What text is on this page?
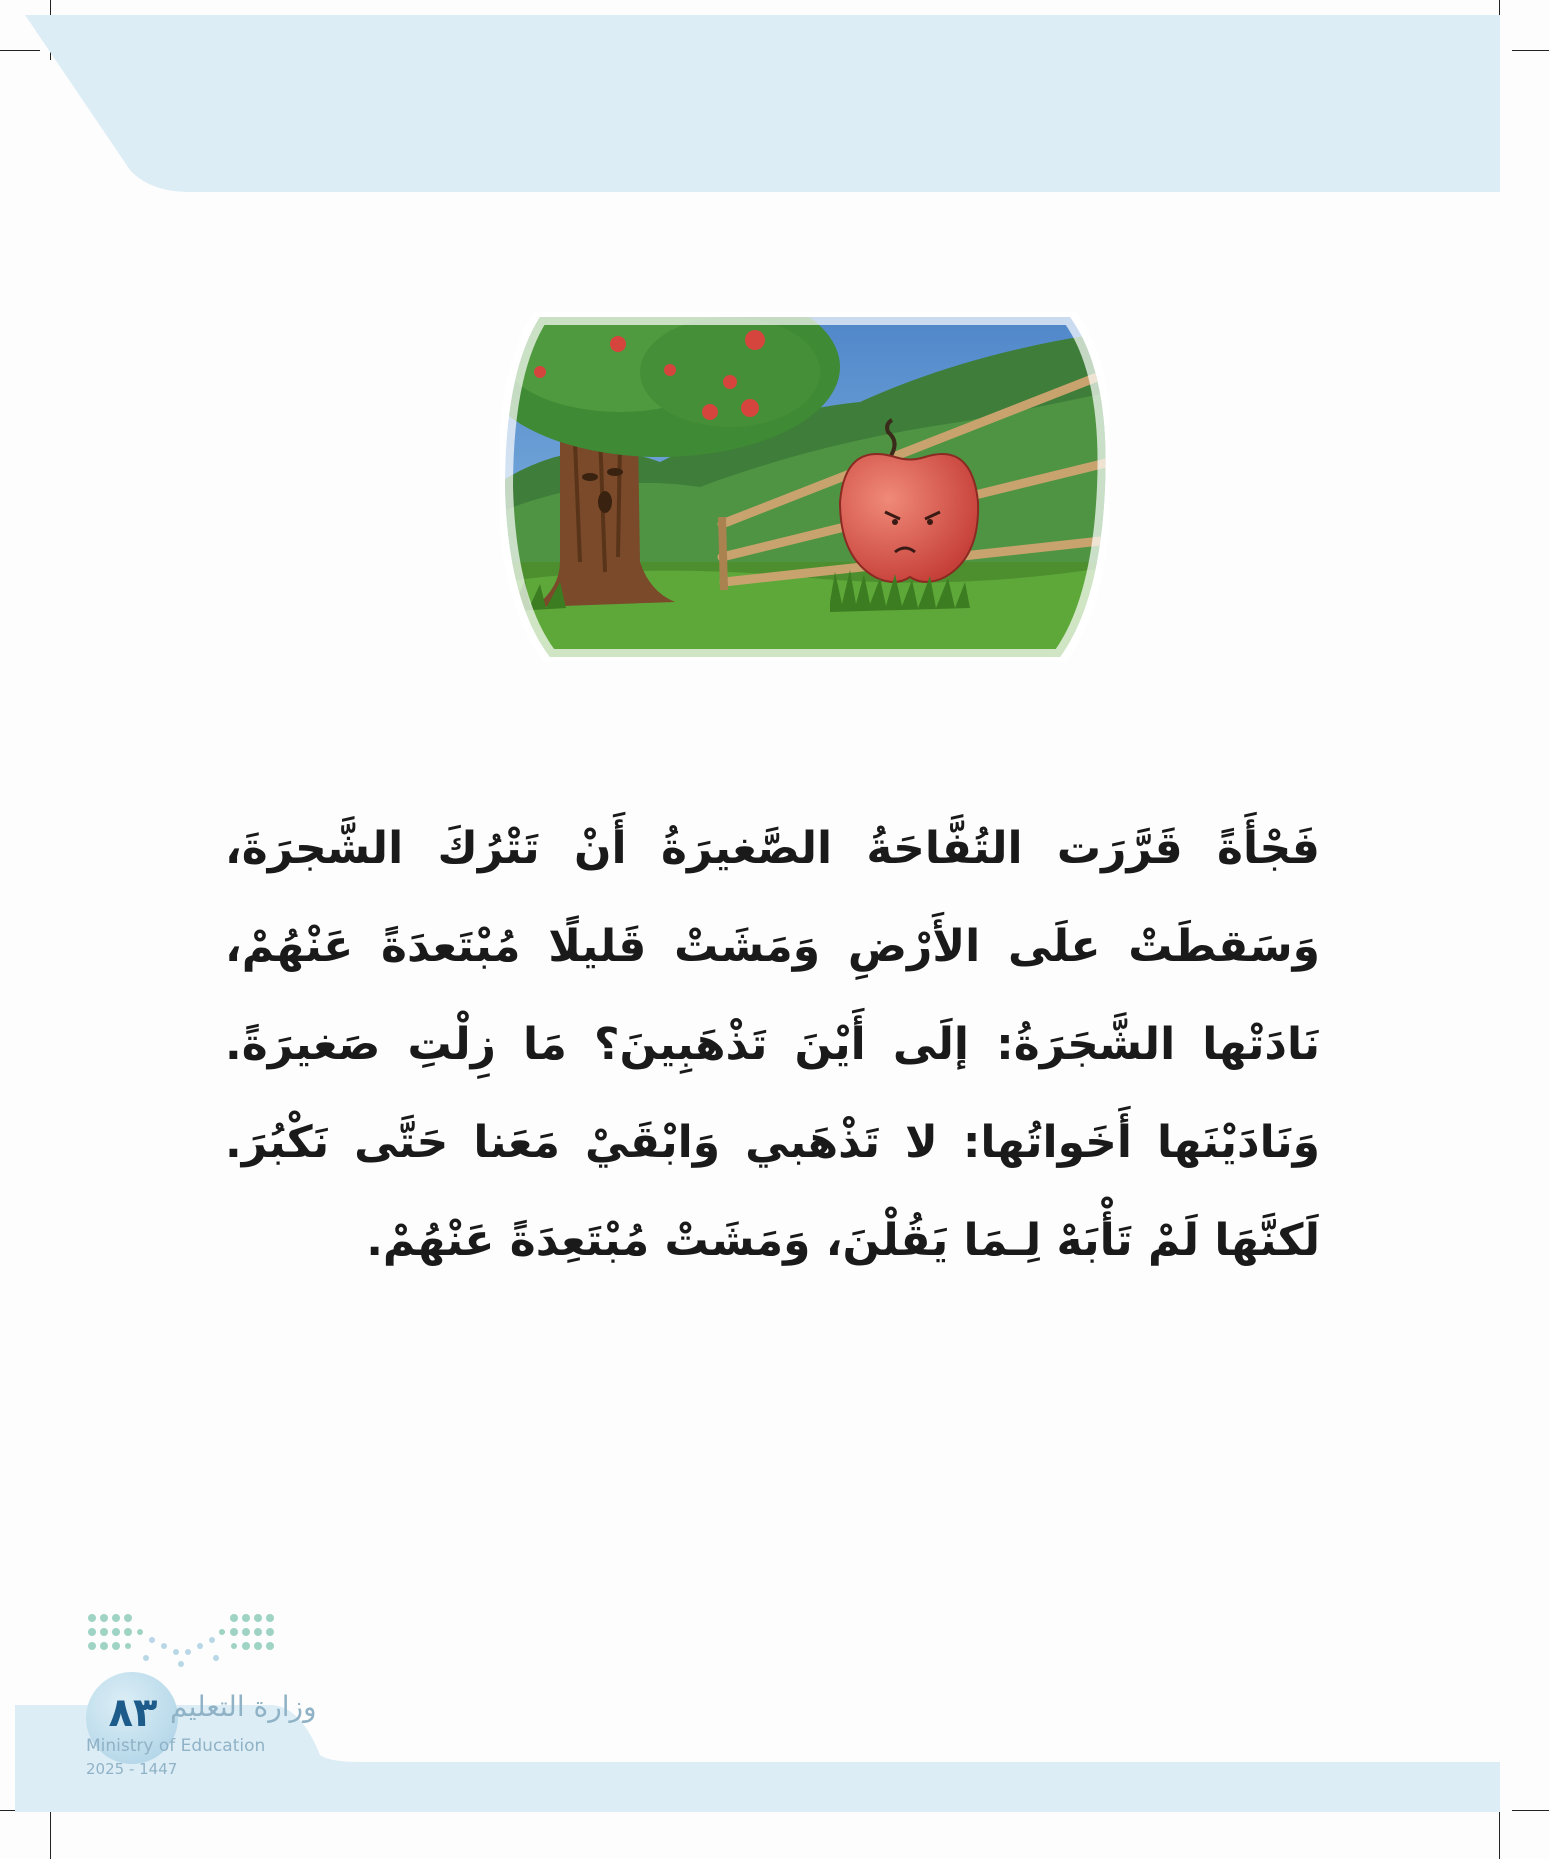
فَجْأَةً قَرَّرَت التُفَّاحَةُ الصَّغيرَةُ أَنْ تَتْرُكَ الشَّجرَةَ، وَسَقطَتْ علَى الأَرْضِ وَمَشَتْ قَليلًا مُبْتَعدَةً عَنْهُمْ، نَادَتْها الشَّجَرَةُ: إلَى أَيْنَ تَذْهَبِينَ؟ مَا زِلْتِ صَغيرَةً. وَنَادَيْنَها أَخَواتُها: لا تَذْهَبي وَابْقَيْ مَعَنا حَتَّى نَكْبُرَ. لَكنَّهَا لَمْ تَأْبَهْ لِـمَا يَقُلْنَ، وَمَشَتْ مُبْتَعِدَةً عَنْهُمْ.

٨٣ وزارة التعليم
Ministry of Education
2025 - 1447
